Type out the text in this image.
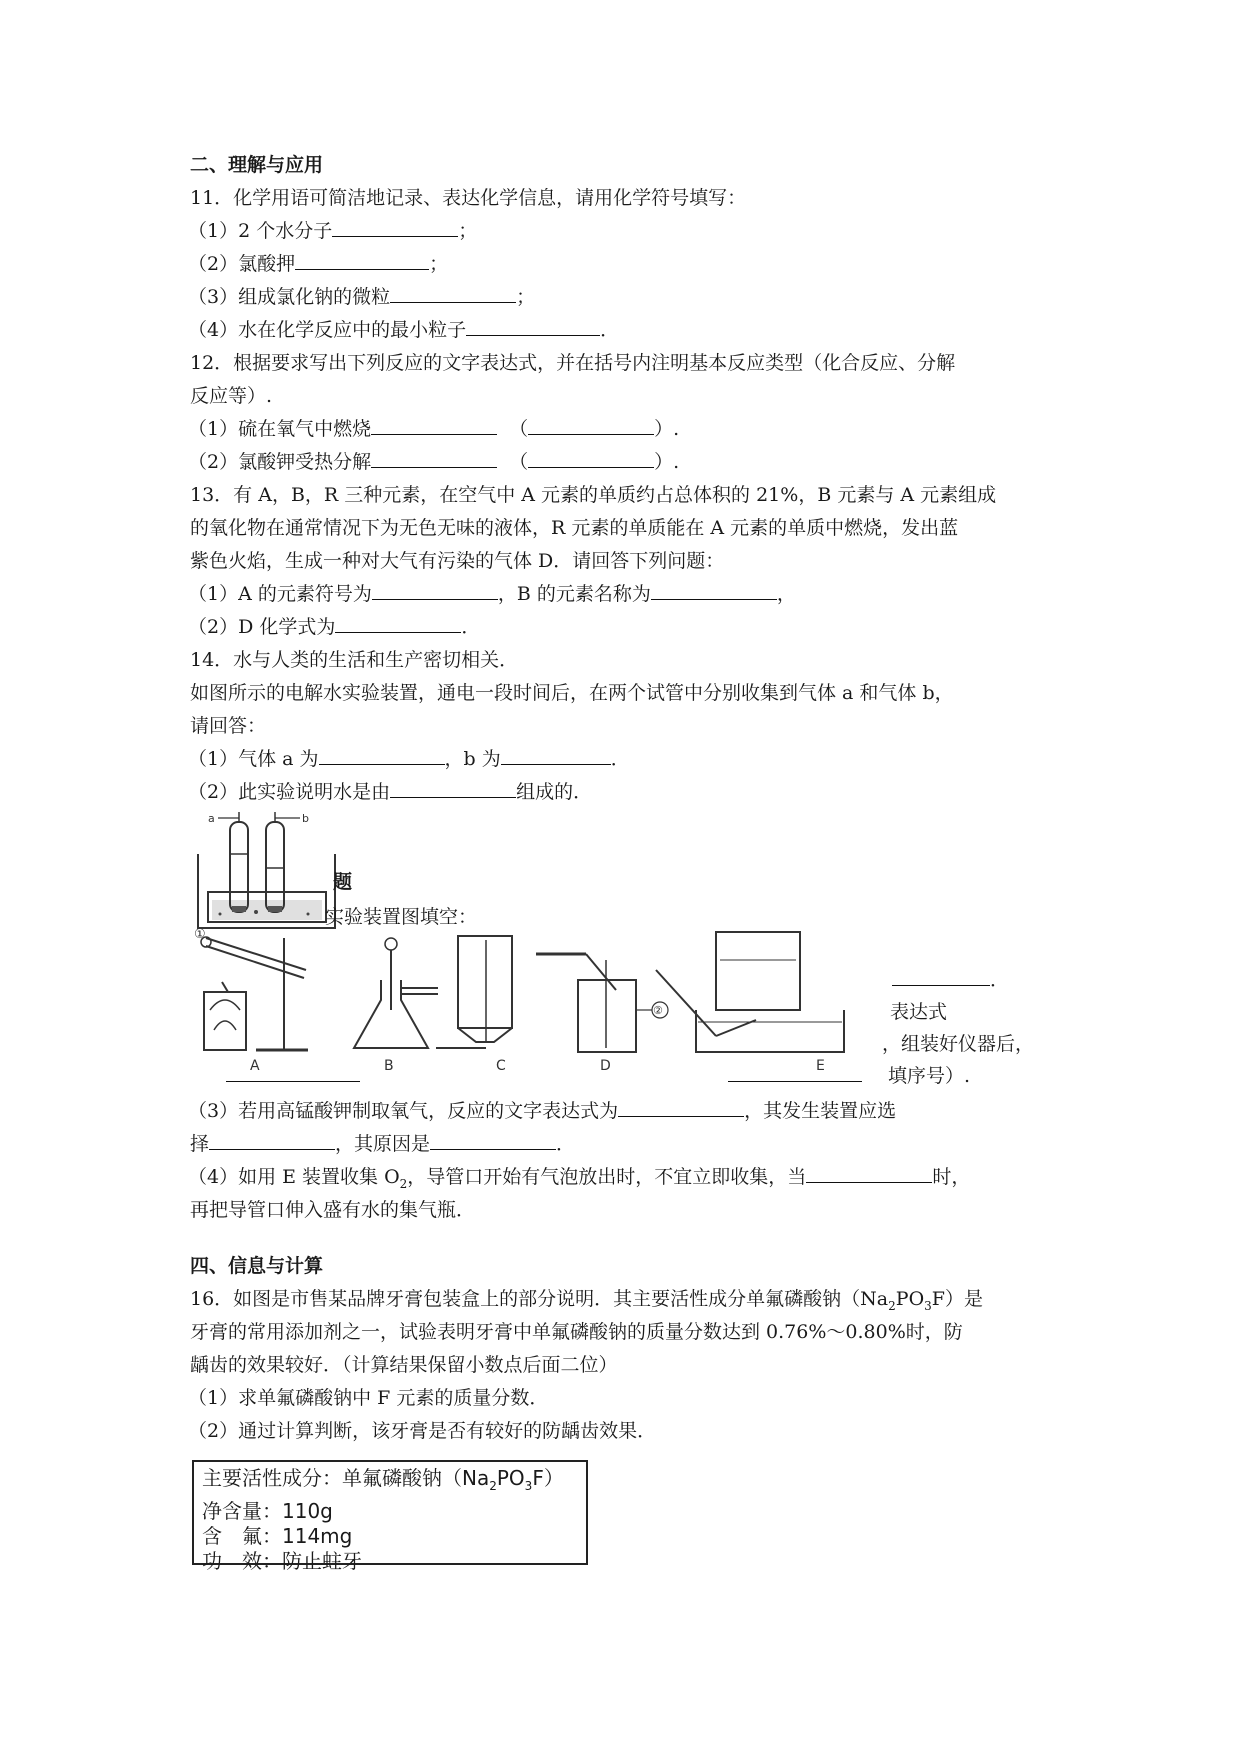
二、理解与应用
11．化学用语可简洁地记录、表达化学信息，请用化学符号填写：
（1）2 个水分子	；
（2）氯酸押	；
（3）组成氯化钠的微粒	；
（4）水在化学反应中的最小粒子	．
12．根据要求写出下列反应的文字表达式，并在括号内注明基本反应类型（化合反应、分解
反应等）.
（1）硫在氧气中燃烧	（	）.
（2）氯酸钾受热分解	（	）.
13．有 A，B，R 三种元素，在空气中 A 元素的单质约占总体积的 21%，B 元素与 A 元素组成
的氧化物在通常情况下为无色无味的液体，R 元素的单质能在 A 元素的单质中燃烧，发出蓝
紫色火焰，生成一种对大气有污染的气体 D．请回答下列问题：
（1）A 的元素符号为	，B 的元素名称为	，
（2）D 化学式为	．
14．水与人类的生活和生产密切相关．
如图所示的电解水实验装置，通电一段时间后，在两个试管中分别收集到气体 a 和气体 b，
请回答：
（1）气体 a 为	，b 为	．
（2）此实验说明水是由	组成的．
a	b
题
实验装置图填空：
①
A	B	C
②
D	E
．
表达式
，组装好仪器后，
填序号）.
（3）若用高锰酸钾制取氧气，反应的文字表达式为	，其发生装置应选
择	，其原因是	．
（4）如用 E 装置收集 $O_2$，导管口开始有气泡放出时，不宜立即收集，当	时，
再把导管口伸入盛有水的集气瓶．
四、信息与计算
16．如图是市售某品牌牙膏包装盒上的部分说明．其主要活性成分单氟磷酸钠$(Na_2PO_3F)$是
牙膏的常用添加剂之一，试验表明牙膏中单氟磷酸钠的质量分数达到 0.76%～0.80%时，防
龋齿的效果较好．（计算结果保留小数点后面二位）
（1）求单氟磷酸钠中 F 元素的质量分数．
（2）通过计算判断，该牙膏是否有较好的防龋齿效果．
主要活性成分：单氟磷酸钠$(Na_2PO_3F)$
净含量：110g
含　氟：114mg
功　效：防止蛀牙
